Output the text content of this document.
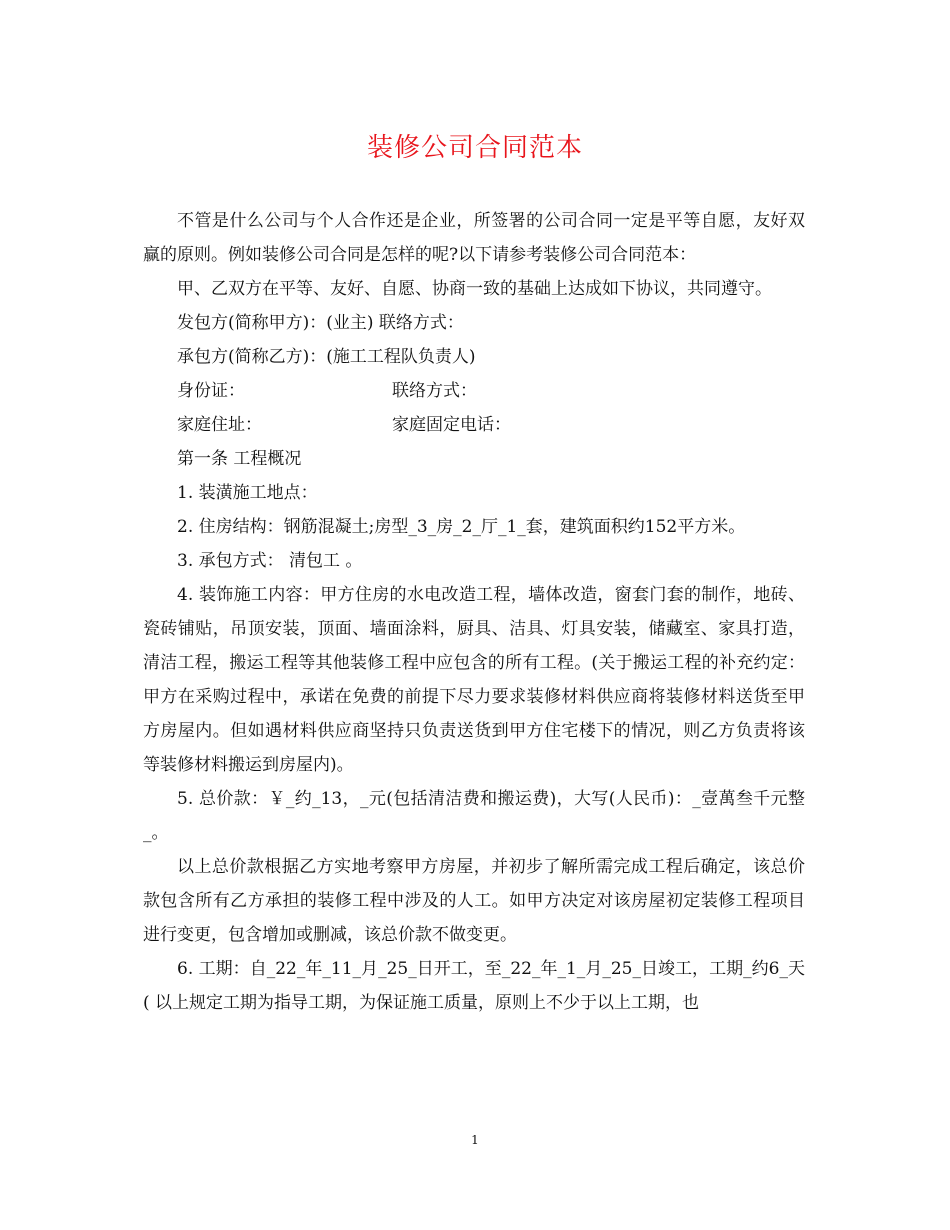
装修公司合同范本

不管是什么公司与个人合作还是企业，所签署的公司合同一定是平等自愿，友好双赢的原则。例如装修公司合同是怎样的呢?以下请参考装修公司合同范本：

甲、乙双方在平等、友好、自愿、协商一致的基础上达成如下协议，共同遵守。

发包方(简称甲方)：(业主) 联络方式：
承包方(简称乙方)：(施工工程队负责人)
身份证：	联络方式：
家庭住址：	家庭固定电话：

第一条 工程概况

1. 装潢施工地点：

2. 住房结构：钢筋混凝土;房型_3_房_2_厅_1_套，建筑面积约152平方米。

3. 承包方式： 清包工 。

4. 装饰施工内容：甲方住房的水电改造工程，墙体改造，窗套门套的制作，地砖、瓷砖铺贴，吊顶安装，顶面、墙面涂料，厨具、洁具、灯具安装，储藏室、家具打造，清洁工程，搬运工程等其他装修工程中应包含的所有工程。(关于搬运工程的补充约定：甲方在采购过程中，承诺在免费的前提下尽力要求装修材料供应商将装修材料送货至甲方房屋内。但如遇材料供应商坚持只负责送货到甲方住宅楼下的情况，则乙方负责将该等装修材料搬运到房屋内)。

5. 总价款：￥_约_13，_元(包括清洁费和搬运费)，大写(人民币)：_壹萬叁千元整_。

以上总价款根据乙方实地考察甲方房屋，并初步了解所需完成工程后确定，该总价款包含所有乙方承担的装修工程中涉及的人工。如甲方决定对该房屋初定装修工程项目进行变更，包含增加或删减，该总价款不做变更。

6. 工期：自_22_年_11_月_25_日开工，至_22_年_1_月_25_日竣工，工期_约6_天( 以上规定工期为指导工期，为保证施工质量，原则上不少于以上工期，也

1
